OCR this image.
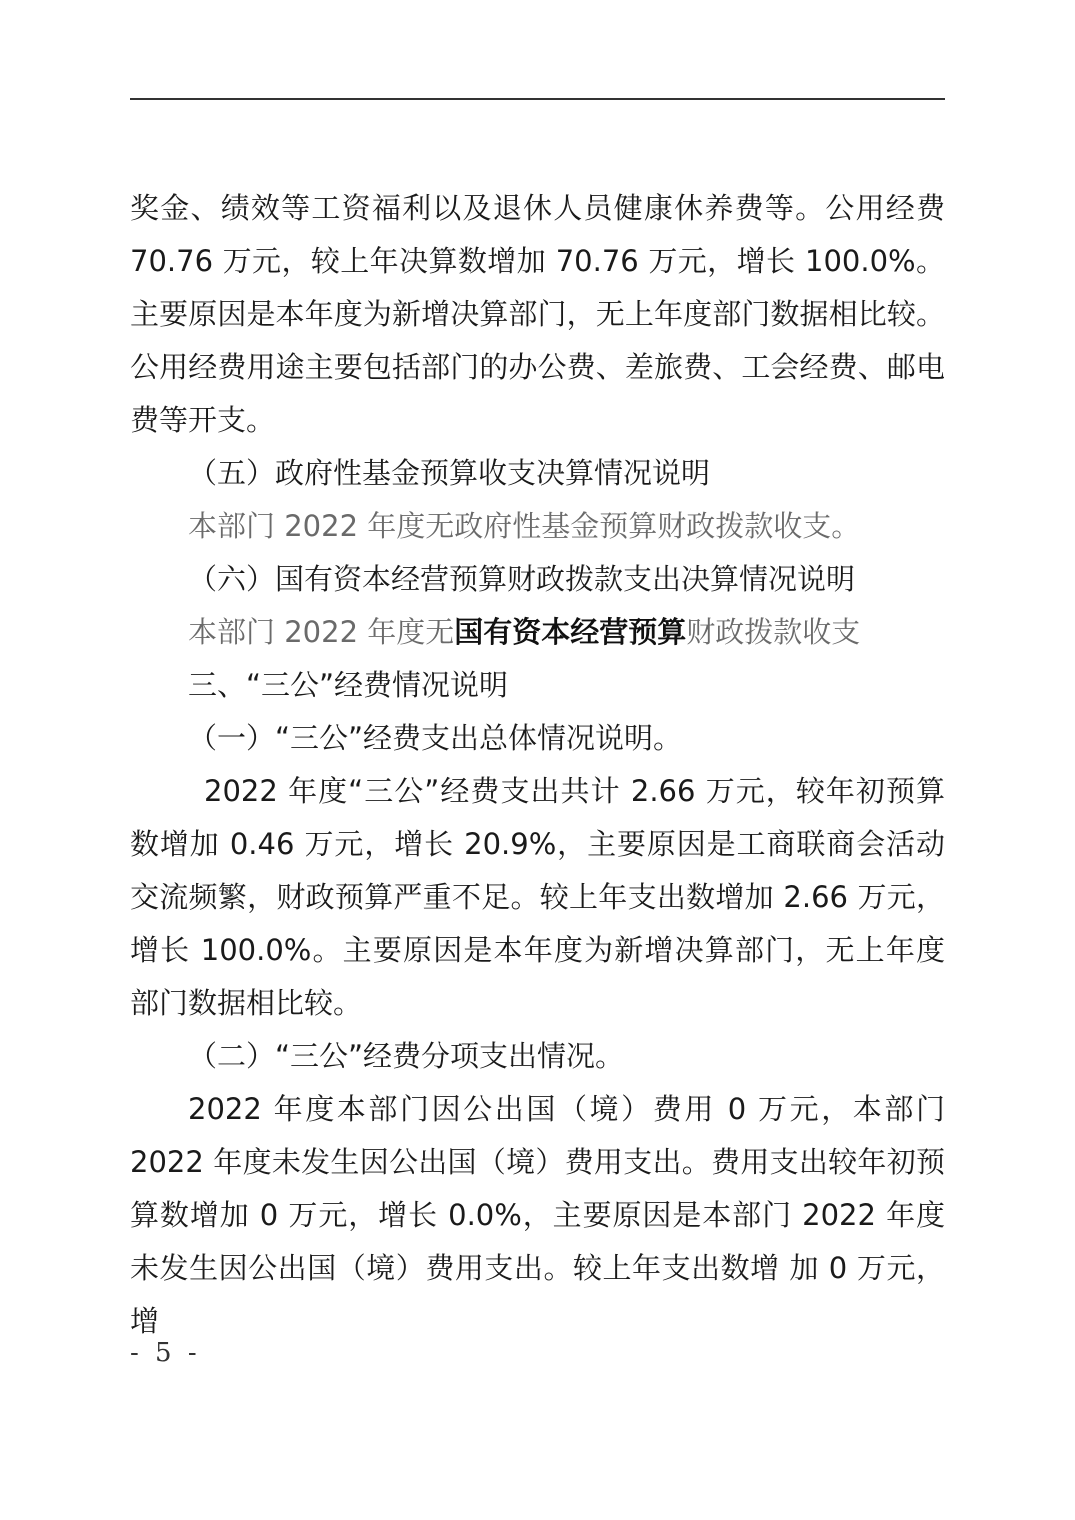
奖金、绩效等工资福利以及退休人员健康休养费等。公用经费70.76 万元，较上年决算数增加 70.76 万元，增长 100.0%。主要原因是本年度为新增决算部门，无上年度部门数据相比较。公用经费用途主要包括部门的办公费、差旅费、工会经费、邮电费等开支。

（五）政府性基金预算收支决算情况说明

本部门 2022 年度无政府性基金预算财政拨款收支。

（六）国有资本经营预算财政拨款支出决算情况说明

本部门 2022 年度无国有资本经营预算财政拨款收支

三、“三公”经费情况说明

（一）“三公”经费支出总体情况说明。

2022 年度“三公”经费支出共计 2.66 万元，较年初预算数增加 0.46 万元，增长 20.9%，主要原因是工商联商会活动交流频繁，财政预算严重不足。较上年支出数增加 2.66 万元，增长 100.0%。主要原因是本年度为新增决算部门，无上年度部门数据相比较。

（二）“三公”经费分项支出情况。

2022 年度本部门因公出国（境）费用 0 万元，本部门2022 年度未发生因公出国（境）费用支出。费用支出较年初预算数增加 0 万元，增长 0.0%，主要原因是本部门 2022 年度未发生因公出国（境）费用支出。较上年支出数增 加 0 万元，增

- 5 -
